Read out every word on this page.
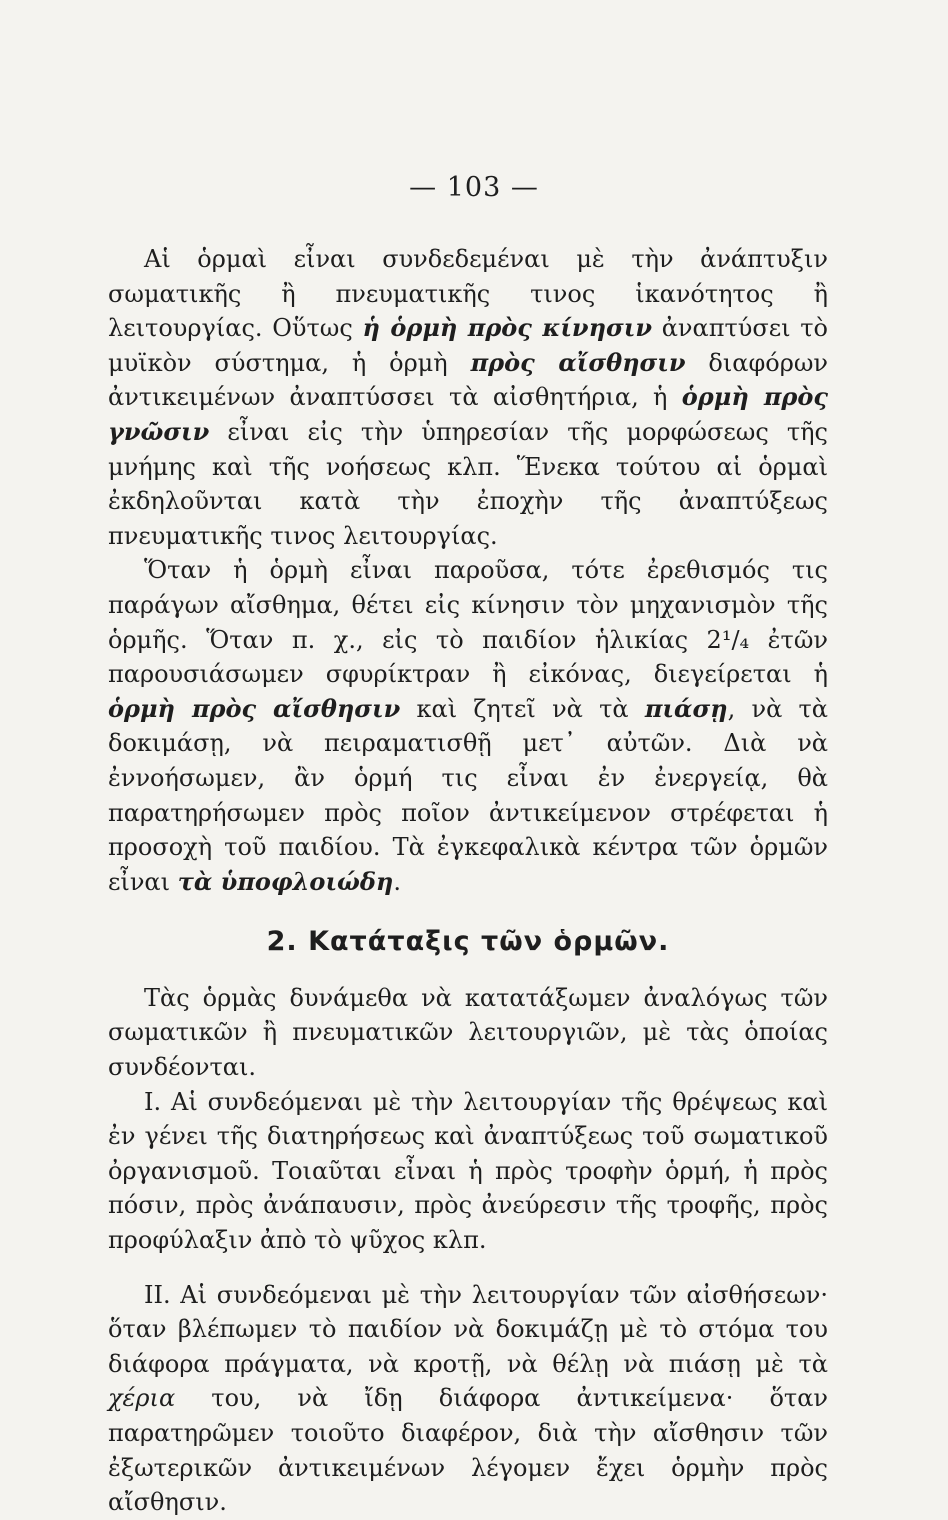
— 103 —

Αἱ ὁρμαὶ εἶναι συνδεδεμέναι μὲ τὴν ἀνάπτυξιν σωματικῆς ἢ πνευματικῆς τινος ἱκανότητος ἢ λειτουργίας. Οὕτως ἡ ὁρμὴ πρὸς κίνησιν ἀναπτύσει τὸ μυϊκὸν σύστημα, ἡ ὁρμὴ πρὸς αἴσθησιν διαφόρων ἀντικειμένων ἀναπτύσσει τὰ αἰσθητήρια, ἡ ὁρμὴ πρὸς γνῶσιν εἶναι εἰς τὴν ὑπηρεσίαν τῆς μορφώσεως τῆς μνήμης καὶ τῆς νοήσεως κλπ. Ἕνεκα τούτου αἱ ὁρμαὶ ἐκδηλοῦνται κατὰ τὴν ἐποχὴν τῆς ἀναπτύξεως πνευματικῆς τινος λειτουργίας.

Ὅταν ἡ ὁρμὴ εἶναι παροῦσα, τότε ἐρεθισμός τις παράγων αἴσθημα, θέτει εἰς κίνησιν τὸν μηχανισμὸν τῆς ὁρμῆς. Ὅταν π. χ., εἰς τὸ παιδίον ἡλικίας 2¹/₄ ἐτῶν παρουσιάσωμεν σφυρίκτραν ἢ εἰκόνας, διεγείρεται ἡ ὁρμὴ πρὸς αἴσθησιν καὶ ζητεῖ νὰ τὰ πιάσῃ, νὰ τὰ δοκιμάσῃ, νὰ πειραματισθῇ μετ᾽ αὐτῶν. Διὰ νὰ ἐννοήσωμεν, ἂν ὁρμή τις εἶναι ἐν ἐνεργείᾳ, θὰ παρατηρήσωμεν πρὸς ποῖον ἀντικείμενον στρέφεται ἡ προσοχὴ τοῦ παιδίου. Τὰ ἐγκεφαλικὰ κέντρα τῶν ὁρμῶν εἶναι τὰ ὑποφλοιώδη.

2. Κατάταξις τῶν ὁρμῶν.

Τὰς ὁρμὰς δυνάμεθα νὰ κατατάξωμεν ἀναλόγως τῶν σωματικῶν ἢ πνευματικῶν λειτουργιῶν, μὲ τὰς ὁποίας συνδέονται.

I. Αἱ συνδεόμεναι μὲ τὴν λειτουργίαν τῆς θρέψεως καὶ ἐν γένει τῆς διατηρήσεως καὶ ἀναπτύξεως τοῦ σωματικοῦ ὀργανισμοῦ. Τοιαῦται εἶναι ἡ πρὸς τροφὴν ὁρμή, ἡ πρὸς πόσιν, πρὸς ἀνάπαυσιν, πρὸς ἀνεύρεσιν τῆς τροφῆς, πρὸς προφύλαξιν ἀπὸ τὸ ψῦχος κλπ.

II. Αἱ συνδεόμεναι μὲ τὴν λειτουργίαν τῶν αἰσθήσεων· ὅταν βλέπωμεν τὸ παιδίον νὰ δοκιμάζῃ μὲ τὸ στόμα του διάφορα πράγματα, νὰ κροτῇ, νὰ θέλῃ νὰ πιάσῃ μὲ τὰ χέρια του, νὰ ἴδῃ διάφορα ἀντικείμενα· ὅταν παρατηρῶμεν τοιοῦτο διαφέρον, διὰ τὴν αἴσθησιν τῶν ἐξωτερικῶν ἀντικειμένων λέγομεν ἔχει ὁρμὴν πρὸς αἴσθησιν.
